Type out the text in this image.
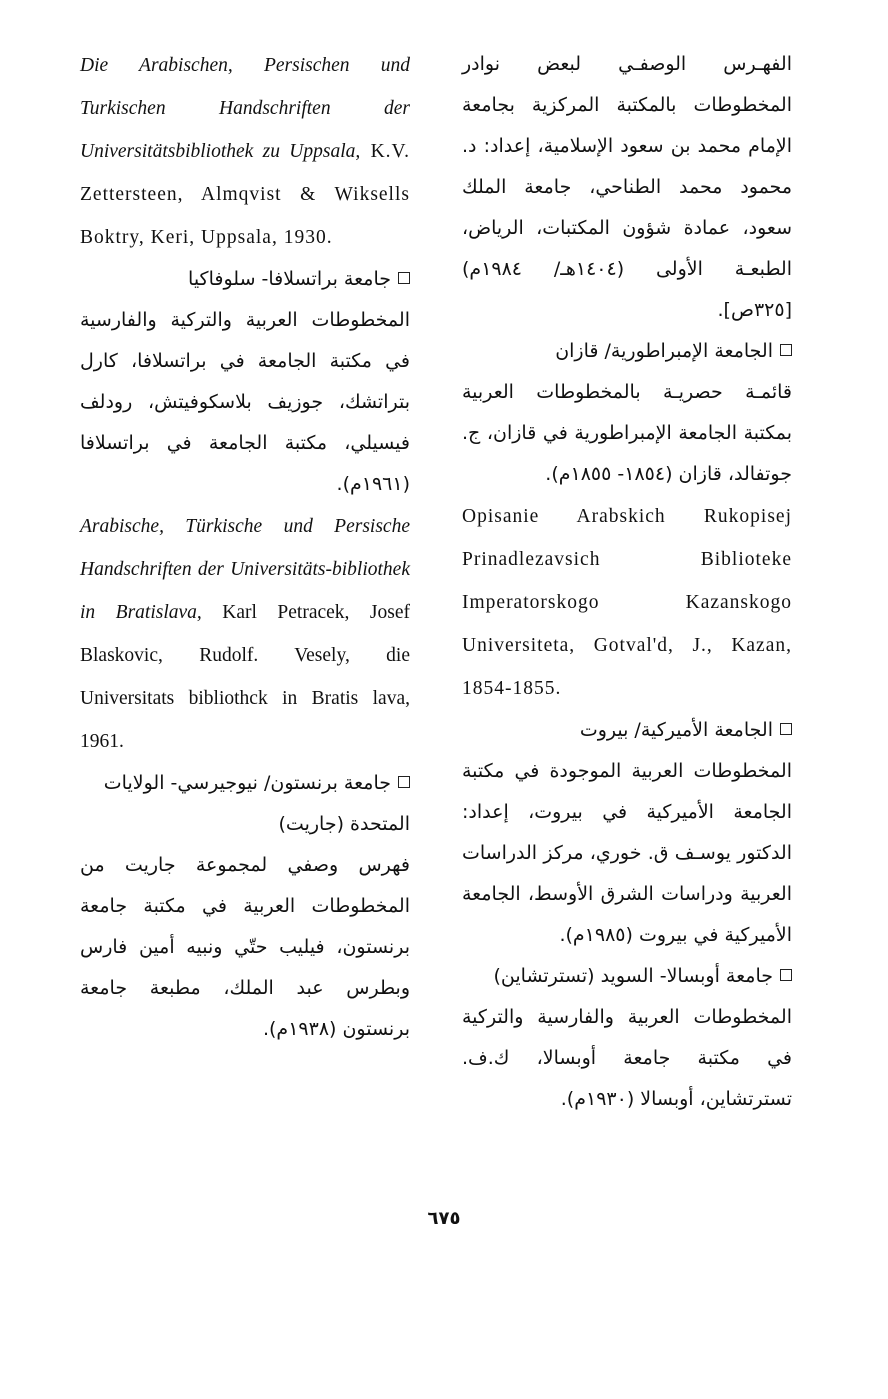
الفهـرس الوصفـي لبعض نوادر المخطوطات بالمكتبة المركزية بجامعة الإمام محمد بن سعود الإسلامية، إعداد: د. محمود محمد الطناحي، جامعة الملك سعود، عمادة شؤون المكتبات، الرياض، الطبعـة الأولى (١٤٠٤هـ/ ١٩٨٤م) [٣٢٥ص].

الجامعة الإمبراطورية/ قازان

قائمـة حصريـة بالمخطوطات العربية بمكتبة الجامعة الإمبراطورية في قازان، ج. جوتفالد، قازان (١٨٥٤- ١٨٥٥م).

Opisanie Arabskich Rukopisej Prinadlezavsich Biblioteke Imperatorskogo Kazanskogo Universiteta, Gotval'd, J., Kazan, 1854-1855.

الجامعة الأميركية/ بيروت

المخطوطات العربية الموجودة في مكتبة الجامعة الأميركية في بيروت، إعداد: الدكتور يوسـف ق. خوري، مركز الدراسات العربية ودراسات الشرق الأوسط، الجامعة الأميركية في بيروت (١٩٨٥م).

جامعة أوبسالا- السويد (تسترتشاين)

المخطوطات العربية والفارسية والتركية في مكتبة جامعة أوبسالا، ك.ف. تسترتشاين، أوبسالا (١٩٣٠م).

Die Arabischen, Persischen und Turkischen Handschriften der Universitätsbibliothek zu Uppsala, K.V. Zettersteen, Almqvist & Wiksells Boktry, Keri, Uppsala, 1930.

جامعة براتسلافا- سلوفاكيا

المخطوطات العربية والتركية والفارسية في مكتبة الجامعة في براتسلافا، كارل بتراتشك، جوزيف بلاسكوفيتش، رودلف فيسيلي، مكتبة الجامعة في براتسلافا (١٩٦١م).

Arabische, Türkische und Persische Handschriften der Universitäts-bibliothek in Bratislava, Karl Petracek, Josef Blaskovic, Rudolf. Vesely, die Universitats bibliothck in Bratis lava, 1961.

جامعة برنستون/ نيوجيرسي- الولايات المتحدة (جاريت)

فهرس وصفي لمجموعة جاريت من المخطوطات العربية في مكتبة جامعة برنستون، فيليب حتّي ونبيه أمين فارس وبطرس عبد الملك، مطبعة جامعة برنستون (١٩٣٨م).

٦٧٥
